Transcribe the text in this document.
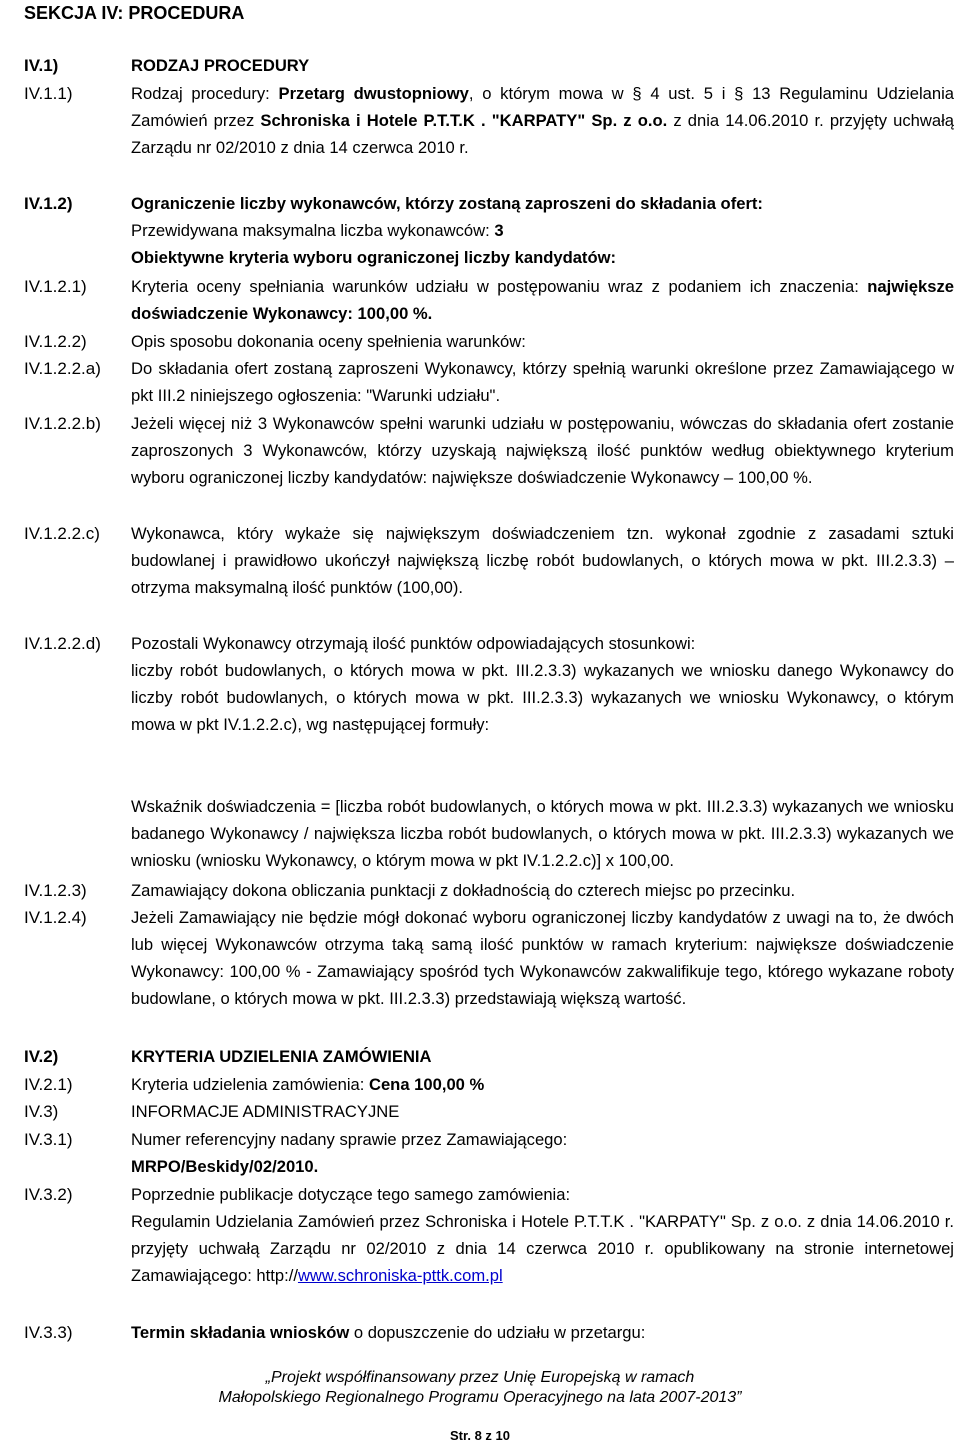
SEKCJA IV: PROCEDURA
IV.1)	RODZAJ PROCEDURY
IV.1.1)	Rodzaj procedury: Przetarg dwustopniowy, o którym mowa w § 4 ust. 5 i § 13 Regulaminu Udzielania Zamówień przez Schroniska i Hotele P.T.T.K . "KARPATY" Sp. z o.o. z dnia 14.06.2010 r. przyjęty uchwałą Zarządu nr 02/2010 z dnia 14 czerwca 2010 r.

IV.1.2)	Ograniczenie liczby wykonawców, którzy zostaną zaproszeni do składania ofert:

Przewidywana maksymalna liczba wykonawców: 3

Obiektywne kryteria wyboru ograniczonej liczby kandydatów:

IV.1.2.1)	Kryteria oceny spełniania warunków udziału w postępowaniu wraz z podaniem ich znaczenia: największe doświadczenie Wykonawcy: 100,00 %.

IV.1.2.2)	Opis sposobu dokonania oceny spełnienia warunków:

IV.1.2.2.a)	Do składania ofert zostaną zaproszeni Wykonawcy, którzy spełnią warunki określone przez Zamawiającego w pkt III.2 niniejszego ogłoszenia: "Warunki udziału".

IV.1.2.2.b)	Jeżeli więcej niż 3 Wykonawców spełni warunki udziału w postępowaniu, wówczas do składania ofert zostanie zaproszonych 3 Wykonawców, którzy uzyskają największą ilość punktów według obiektywnego kryterium wyboru ograniczonej liczby kandydatów: największe doświadczenie Wykonawcy – 100,00 %.

IV.1.2.2.c)	Wykonawca, który wykaże się największym doświadczeniem tzn. wykonał zgodnie z zasadami sztuki budowlanej i prawidłowo ukończył największą liczbę robót budowlanych, o których mowa w pkt. III.2.3.3) – otrzyma maksymalną ilość punktów (100,00).

IV.1.2.2.d)	Pozostali Wykonawcy otrzymają ilość punktów odpowiadających stosunkowi:

liczby robót budowlanych, o których mowa w pkt. III.2.3.3) wykazanych we wniosku danego Wykonawcy do liczby robót budowlanych, o których mowa w pkt. III.2.3.3) wykazanych we wniosku Wykonawcy, o którym mowa w pkt IV.1.2.2.c), wg następującej formuły:

Wskaźnik doświadczenia = [liczba robót budowlanych, o których mowa w pkt. III.2.3.3) wykazanych we wniosku badanego Wykonawcy / największa liczba robót budowlanych, o których mowa w pkt. III.2.3.3) wykazanych we wniosku (wniosku Wykonawcy, o którym mowa w pkt IV.1.2.2.c)] x 100,00.

IV.1.2.3)	Zamawiający dokona obliczania punktacji z dokładnością do czterech miejsc po przecinku.

IV.1.2.4)	Jeżeli Zamawiający nie będzie mógł dokonać wyboru ograniczonej liczby kandydatów z uwagi na to, że dwóch lub więcej Wykonawców otrzyma taką samą ilość punktów w ramach kryterium: największe doświadczenie Wykonawcy: 100,00 % - Zamawiający spośród tych Wykonawców zakwalifikuje tego, którego wykazane roboty budowlane, o których mowa w pkt. III.2.3.3) przedstawiają większą wartość.

IV.2)	KRYTERIA UDZIELENIA ZAMÓWIENIA

IV.2.1)	Kryteria udzielenia zamówienia: Cena 100,00 %

IV.3)	INFORMACJE ADMINISTRACYJNE

IV.3.1)	Numer referencyjny nadany sprawie przez Zamawiającego:

MRPO/Beskidy/02/2010.

IV.3.2)	Poprzednie publikacje dotyczące tego samego zamówienia:

Regulamin Udzielania Zamówień przez Schroniska i Hotele P.T.T.K . "KARPATY" Sp. z o.o. z dnia 14.06.2010 r. przyjęty uchwałą Zarządu nr 02/2010 z dnia 14 czerwca 2010 r. opublikowany na stronie internetowej Zamawiającego: http://www.schroniska-pttk.com.pl

IV.3.3)	Termin składania wniosków o dopuszczenie do udziału w przetargu:

„Projekt współfinansowany przez Unię Europejską w ramach
Małopolskiego Regionalnego Programu Operacyjnego na lata 2007-2013”
Str. 8 z 10
